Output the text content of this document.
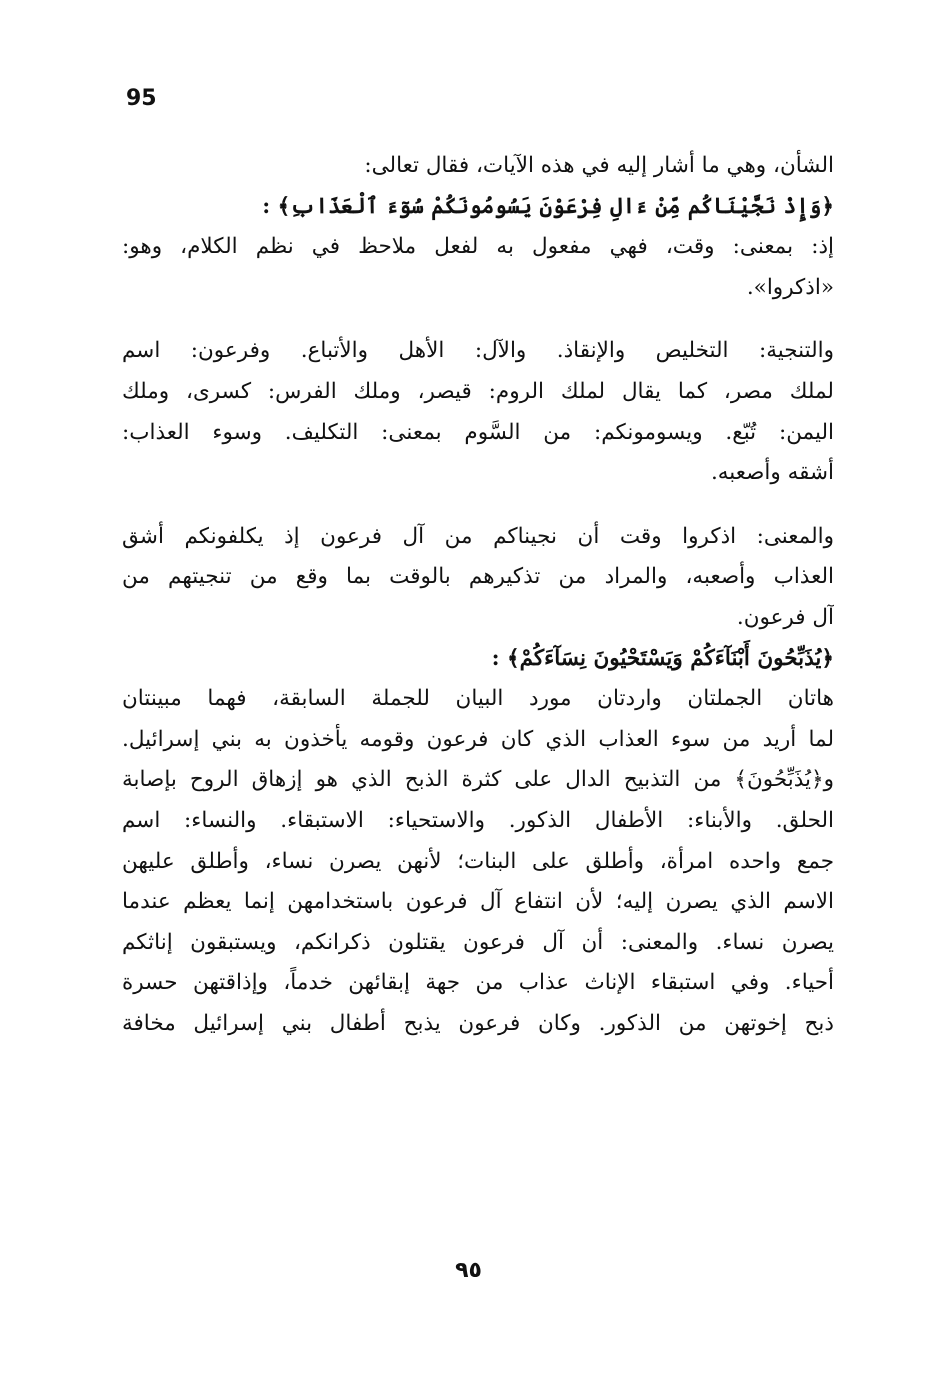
95
الشأن، وهي ما أشار إليه في هذه الآيات، فقال تعالى:
﴿وَإِذْ نَجَّيْنَاكُم مِّنْ ءَالِ فِرْعَوْنَ يَسُومُونَكُمْ سُوٓءَ ٱلْعَذَابِ﴾ :
إذ: بمعنى: وقت، فهي مفعول به لفعل ملاحظ في نظم الكلام، وهو:
«اذكروا».
والتنجية: التخليص والإنقاذ. والآل: الأهل والأتباع. وفرعون: اسم
لملك مصر، كما يقال لملك الروم: قيصر، وملك الفرس: كسرى، وملك
اليمن: تُبّع. ويسومونكم: من السَّوم بمعنى: التكليف. وسوء العذاب:
أشقه وأصعبه.
والمعنى: اذكروا وقت أن نجيناكم من آل فرعون إذ يكلفونكم أشق
العذاب وأصعبه، والمراد من تذكيرهم بالوقت بما وقع من تنجيتهم من
آل فرعون.
﴿يُذَبِّحُونَ أَبْنَآءَكُمْ وَيَسْتَحْيُونَ نِسَآءَكُمْ﴾ :
هاتان الجملتان واردتان مورد البيان للجملة السابقة، فهما مبينتان
لما أريد من سوء العذاب الذي كان فرعون وقومه يأخذون به بني إسرائيل.
و﴿يُذَبِّحُونَ﴾ من التذبيح الدال على كثرة الذبح الذي هو إزهاق الروح بإصابة
الحلق. والأبناء: الأطفال الذكور. والاستحياء: الاستبقاء. والنساء: اسم
جمع واحده امرأة، وأطلق على البنات؛ لأنهن يصرن نساء، وأطلق عليهن
الاسم الذي يصرن إليه؛ لأن انتفاع آل فرعون باستخدامهن إنما يعظم عندما
يصرن نساء. والمعنى: أن آل فرعون يقتلون ذكرانكم، ويستبقون إناثكم
أحياء. وفي استبقاء الإناث عذاب من جهة إبقائهن خدماً، وإذاقتهن حسرة
ذبح إخوتهن من الذكور. وكان فرعون يذبح أطفال بني إسرائيل مخافة
٩٥
